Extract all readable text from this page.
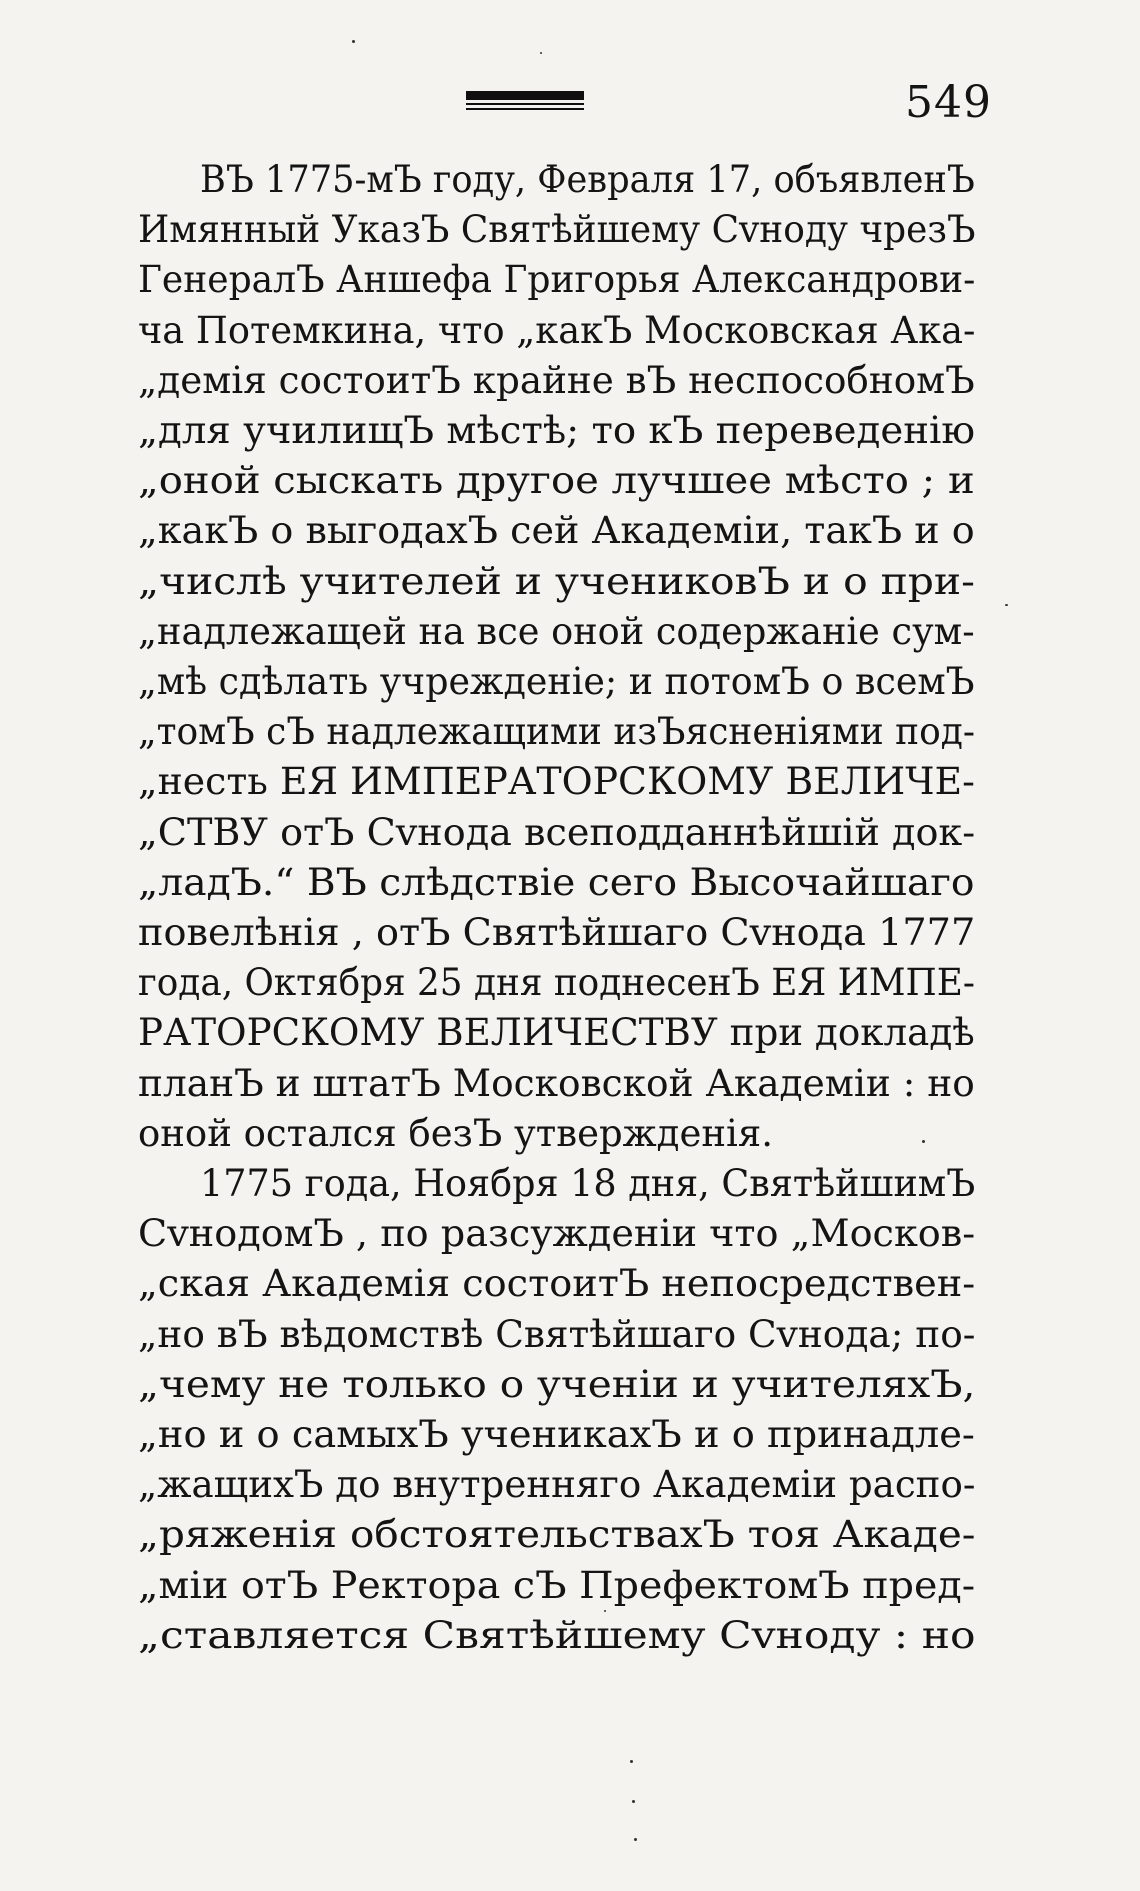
549
ВЪ 1775-мЪ году, Февраля 17, объявленЪ
Имянный УказЪ Святѣйшему Сvноду чрезЪ
ГенералЪ Аншефа Григорья Александрови-
ча Потемкина, что „какЪ Московская Ака-
„демія состоитЪ крайне вЪ неспособномЪ
„для училищЪ мѣстѣ; то кЪ переведенію
„оной сыскать другое лучшее мѣсто ; и
„какЪ о выгодахЪ сей Академіи, такЪ и о
„числѣ учителей и учениковЪ и о при-
„надлежащей на все оной содержаніе сум-
„мѣ сдѣлать учрежденіе; и потомЪ о всемЪ
„томЪ сЪ надлежащими изЪясненіями под-
„несть ЕЯ ИМПЕРАТОРСКОМУ ВЕЛИЧЕ-
„СТВУ отЪ Сvнода всеподданнѣйшій док-
„ладЪ.“ ВЪ слѣдствіе сего Высочайшаго
повелѣнія , отЪ Святѣйшаго Сvнода 1777
года, Октября 25 дня поднесенЪ ЕЯ ИМПЕ-
РАТОРСКОМУ ВЕЛИЧЕСТВУ при докладѣ
планЪ и штатЪ Московской Академіи : но
оной остался безЪ утвержденія.
1775 года, Ноября 18 дня, СвятѣйшимЪ
СvнодомЪ , по разсужденіи что „Москов-
„ская Академія состоитЪ непосредствен-
„но вЪ вѣдомствѣ Святѣйшаго Сvнода; по-
„чему не только о ученіи и учителяхЪ,
„но и о самыхЪ ученикахЪ и о принадле-
„жащихЪ до внутренняго Академіи распо-
„ряженія обстоятельствахЪ тоя Акаде-
„міи отЪ Ректора сЪ ПрефектомЪ пред-
„ставляется Святѣйшему Сvноду : но
